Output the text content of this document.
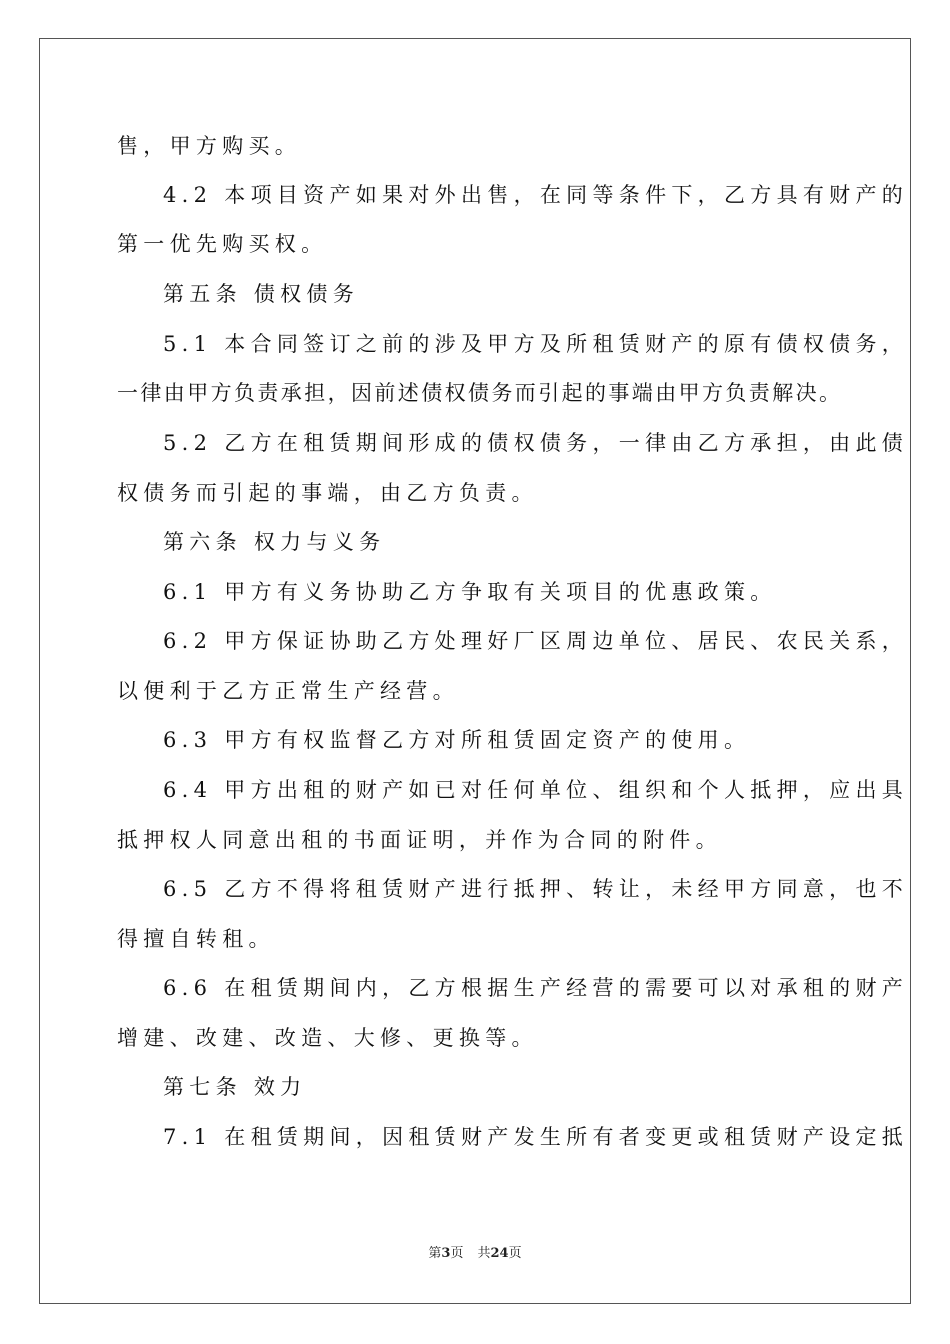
售，甲方购买。
4.2 本项目资产如果对外出售，在同等条件下，乙方具有财产的
第一优先购买权。
第五条 债权债务
5.1 本合同签订之前的涉及甲方及所租赁财产的原有债权债务，
一律由甲方负责承担，因前述债权债务而引起的事端由甲方负责解决。
5.2 乙方在租赁期间形成的债权债务，一律由乙方承担，由此债
权债务而引起的事端，由乙方负责。
第六条 权力与义务
6.1 甲方有义务协助乙方争取有关项目的优惠政策。
6.2 甲方保证协助乙方处理好厂区周边单位、居民、农民关系，
以便利于乙方正常生产经营。
6.3 甲方有权监督乙方对所租赁固定资产的使用。
6.4 甲方出租的财产如已对任何单位、组织和个人抵押，应出具
抵押权人同意出租的书面证明，并作为合同的附件。
6.5 乙方不得将租赁财产进行抵押、转让，未经甲方同意，也不
得擅自转租。
6.6 在租赁期间内，乙方根据生产经营的需要可以对承租的财产
增建、改建、改造、大修、更换等。
第七条 效力
7.1 在租赁期间，因租赁财产发生所有者变更或租赁财产设定抵
第3页 共24页
